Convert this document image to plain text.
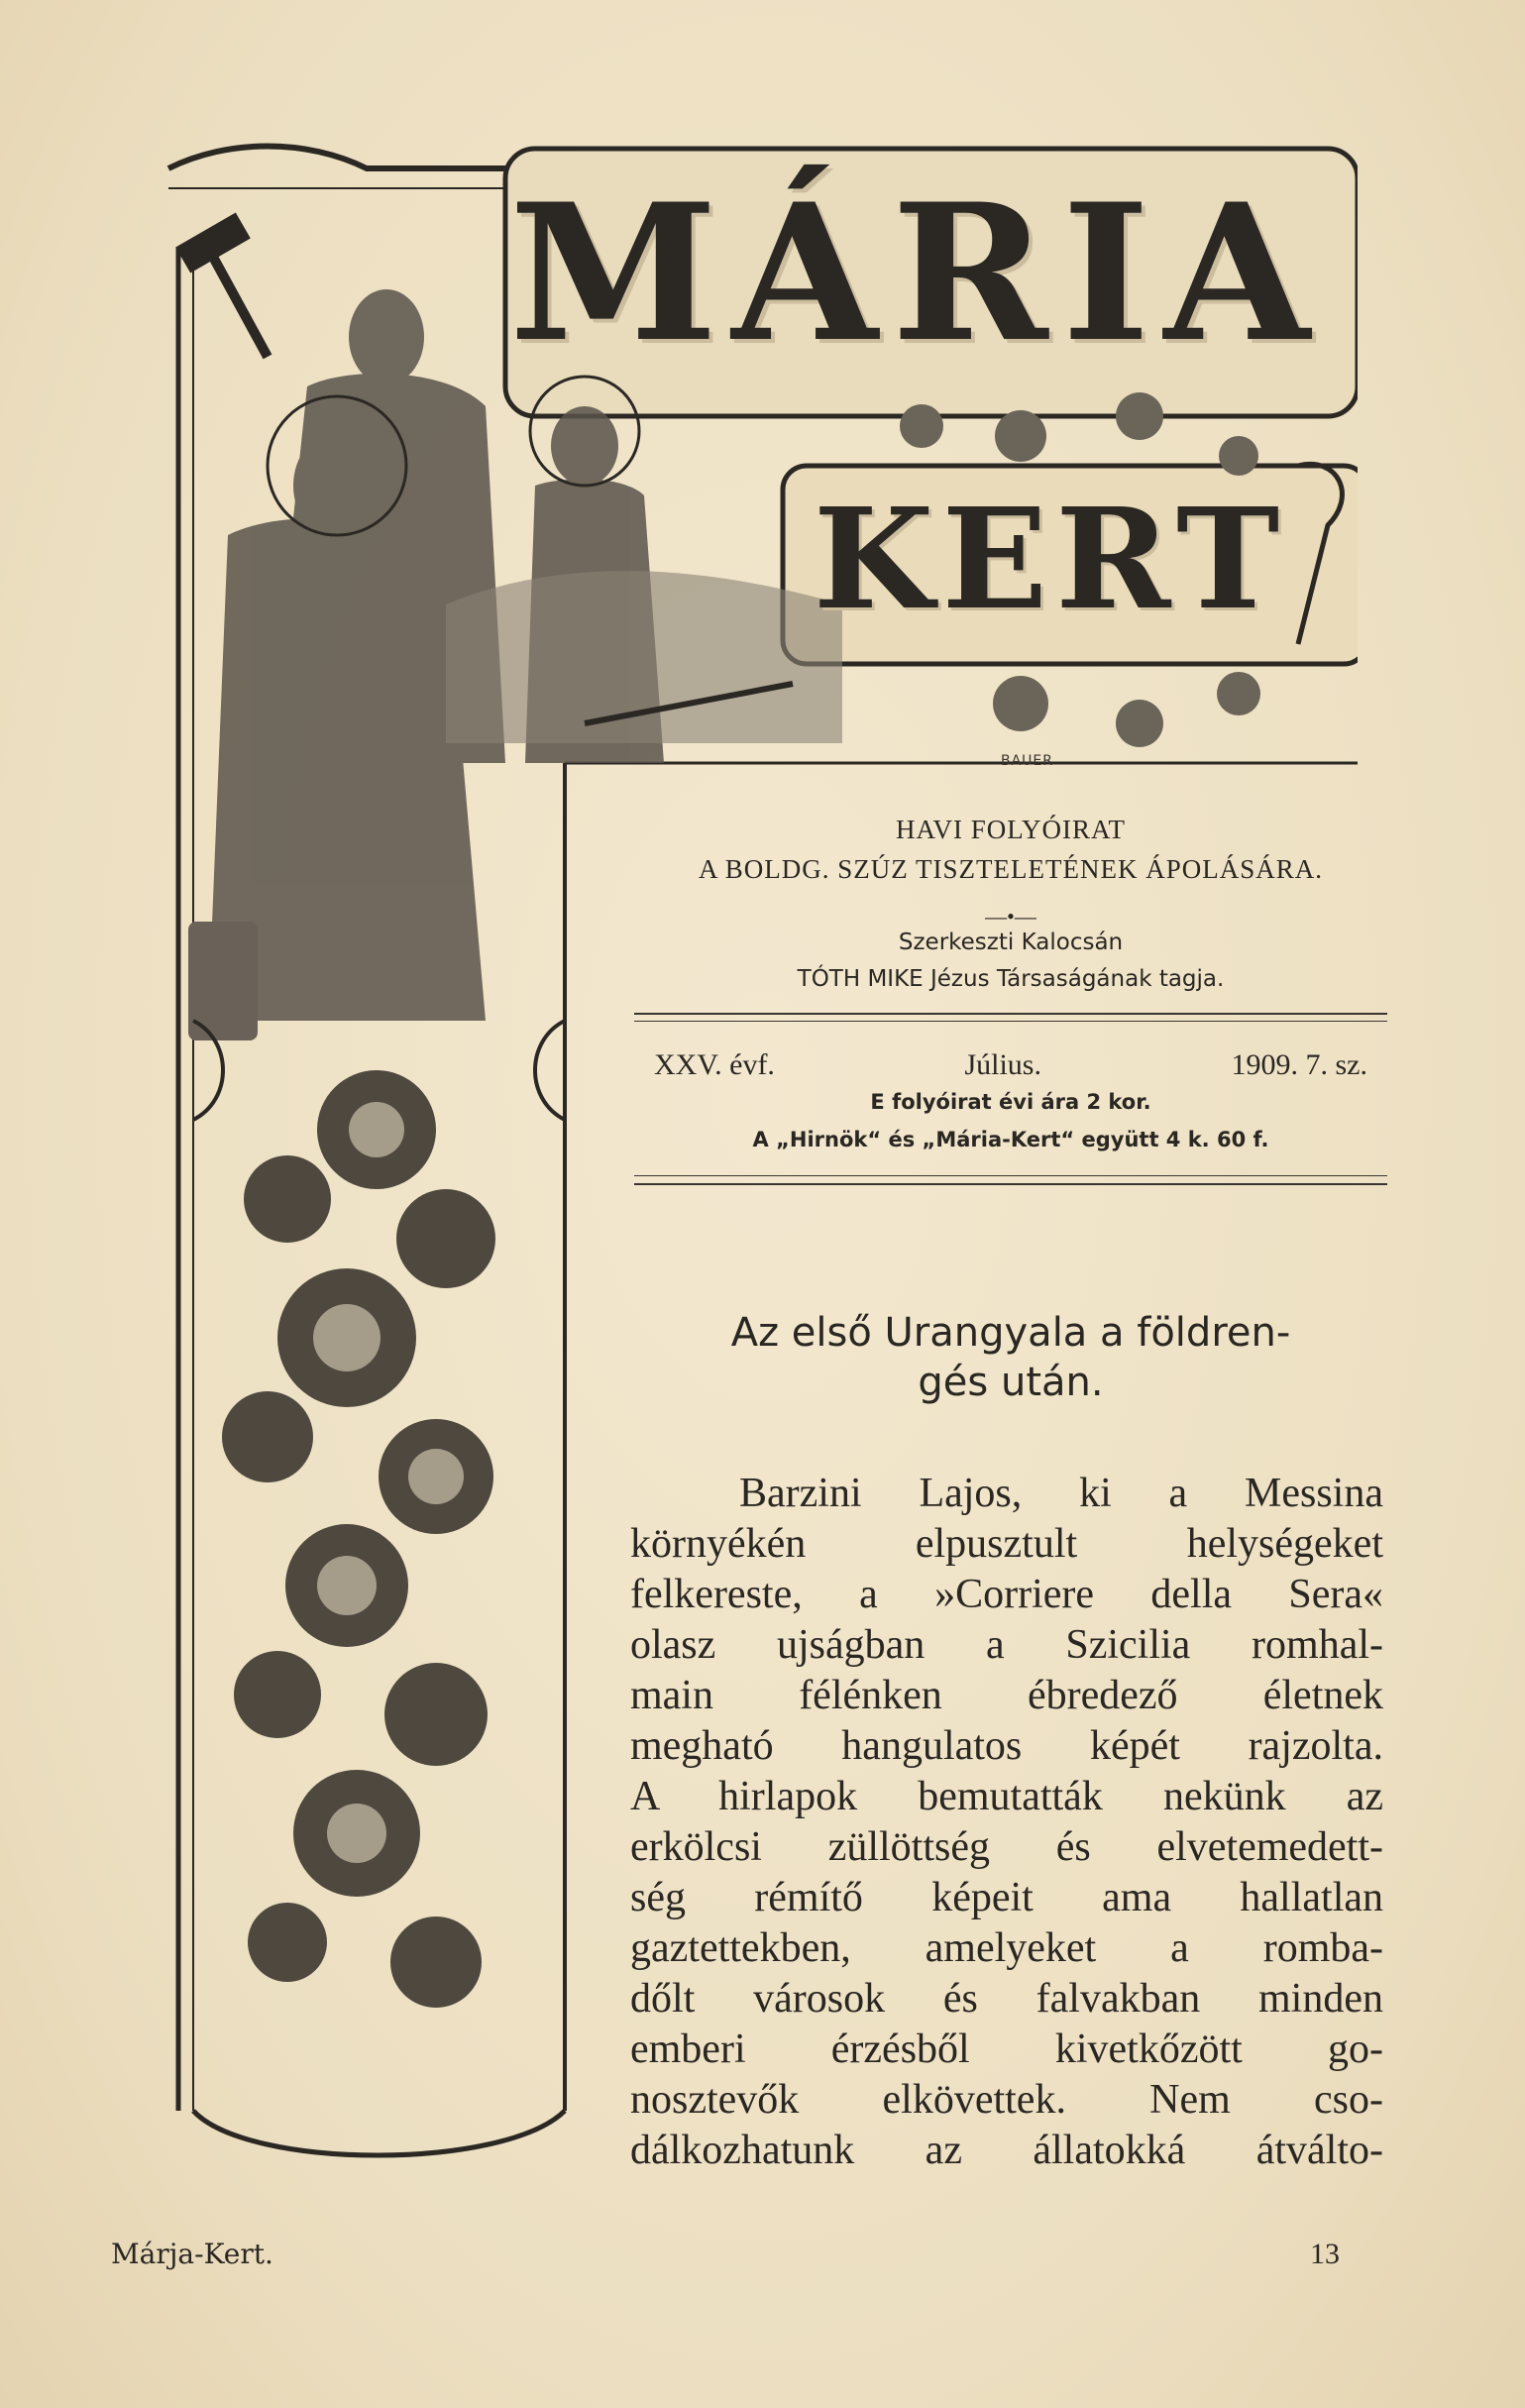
MÁRIA
KERT
BAUER
HAVI FOLYÓIRAT
A BOLDG. SZÚZ TISZTELETÉNEK ÁPOLÁSÁRA.
—•—
Szerkeszti Kalocsán
TÓTH MIKE Jézus Társaságának tagja.
XXV. évf.	Július.	1909. 7. sz.
E folyóirat évi ára 2 kor.
A „Hirnök“ és „Mária-Kert“ együtt 4 k. 60 f.
Az első Urangyala a földren-
gés után.
Barzini Lajos, ki a Messina
környékén elpusztult helységeket
felkereste, a »Corriere della Sera«
olasz ujságban a Szicilia romhal-
main félénken ébredező életnek
megható hangulatos képét rajzolta.
A hirlapok bemutatták nekünk az
erkölcsi züllöttség és elvetemedett-
ség rémítő képeit ama hallatlan
gaztettekben, amelyeket a romba-
dőlt városok és falvakban minden
emberi érzésből kivetkőzött go-
nosztevők elkövettek. Nem cso-
dálkozhatunk az állatokká átválto-
Márja-Kert.	13
